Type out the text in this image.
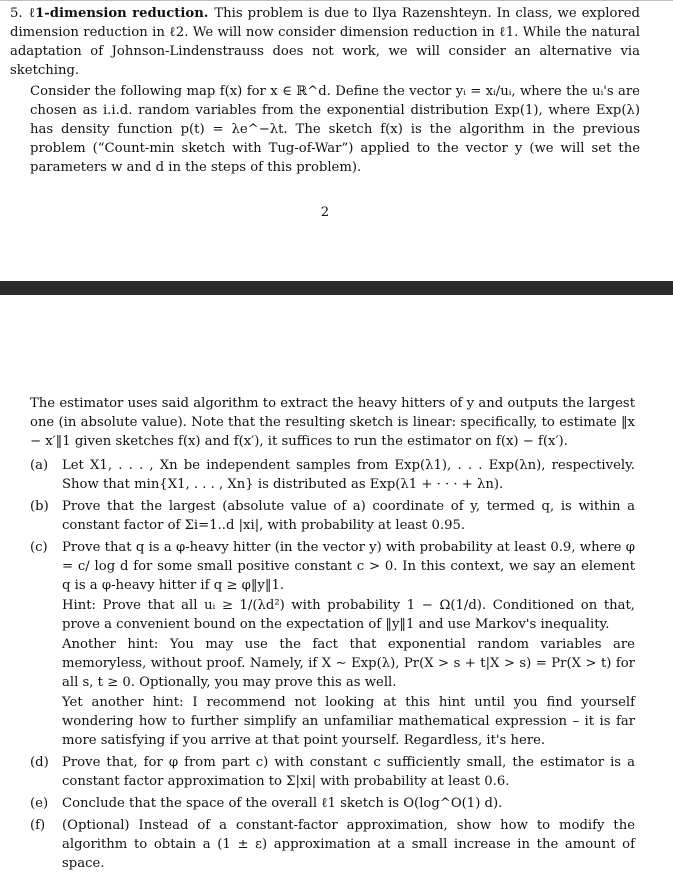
5. ℓ1-dimension reduction. This problem is due to Ilya Razenshteyn. In class, we explored dimension reduction in ℓ2. We will now consider dimension reduction in ℓ1. While the natural adaptation of Johnson-Lindenstrauss does not work, we will consider an alternative via sketching.

Consider the following map f(x) for x ∈ ℝ^d. Define the vector yᵢ = xᵢ/uᵢ, where the uᵢ's are chosen as i.i.d. random variables from the exponential distribution Exp(1), where Exp(λ) has density function p(t) = λe^−λt. The sketch f(x) is the algorithm in the previous problem (“Count-min sketch with Tug-of-War”) applied to the vector y (we will set the parameters w and d in the steps of this problem).
2

The estimator uses said algorithm to extract the heavy hitters of y and outputs the largest one (in absolute value). Note that the resulting sketch is linear: specifically, to estimate ‖x − x′‖1 given sketches f(x) and f(x′), it suffices to run the estimator on f(x) − f(x′).

(a) Let X1, . . . , Xn be independent samples from Exp(λ1), . . . Exp(λn), respectively. Show that min{X1, . . . , Xn} is distributed as Exp(λ1 + · · · + λn).
(b) Prove that the largest (absolute value of a) coordinate of y, termed q, is within a constant factor of Σi=1..d |xi|, with probability at least 0.95.
(c) Prove that q is a φ-heavy hitter (in the vector y) with probability at least 0.9, where φ = c/ log d for some small positive constant c > 0. In this context, we say an element q is a φ-heavy hitter if q ≥ φ‖y‖1.
Hint: Prove that all uᵢ ≥ 1/(λd²) with probability 1 − Ω(1/d). Conditioned on that, prove a convenient bound on the expectation of ‖y‖1 and use Markov's inequality.
Another hint: You may use the fact that exponential random variables are memoryless, without proof. Namely, if X ∼ Exp(λ), Pr(X > s + t|X > s) = Pr(X > t) for all s, t ≥ 0. Optionally, you may prove this as well.
Yet another hint: I recommend not looking at this hint until you find yourself wondering how to further simplify an unfamiliar mathematical expression – it is far more satisfying if you arrive at that point yourself. Regardless, it's here.
(d) Prove that, for φ from part c) with constant c sufficiently small, the estimator is a constant factor approximation to Σ|xi| with probability at least 0.6.
(e) Conclude that the space of the overall ℓ1 sketch is O(log^O(1) d).
(f) (Optional) Instead of a constant-factor approximation, show how to modify the algorithm to obtain a (1 ± ε) approximation at a small increase in the amount of space.
